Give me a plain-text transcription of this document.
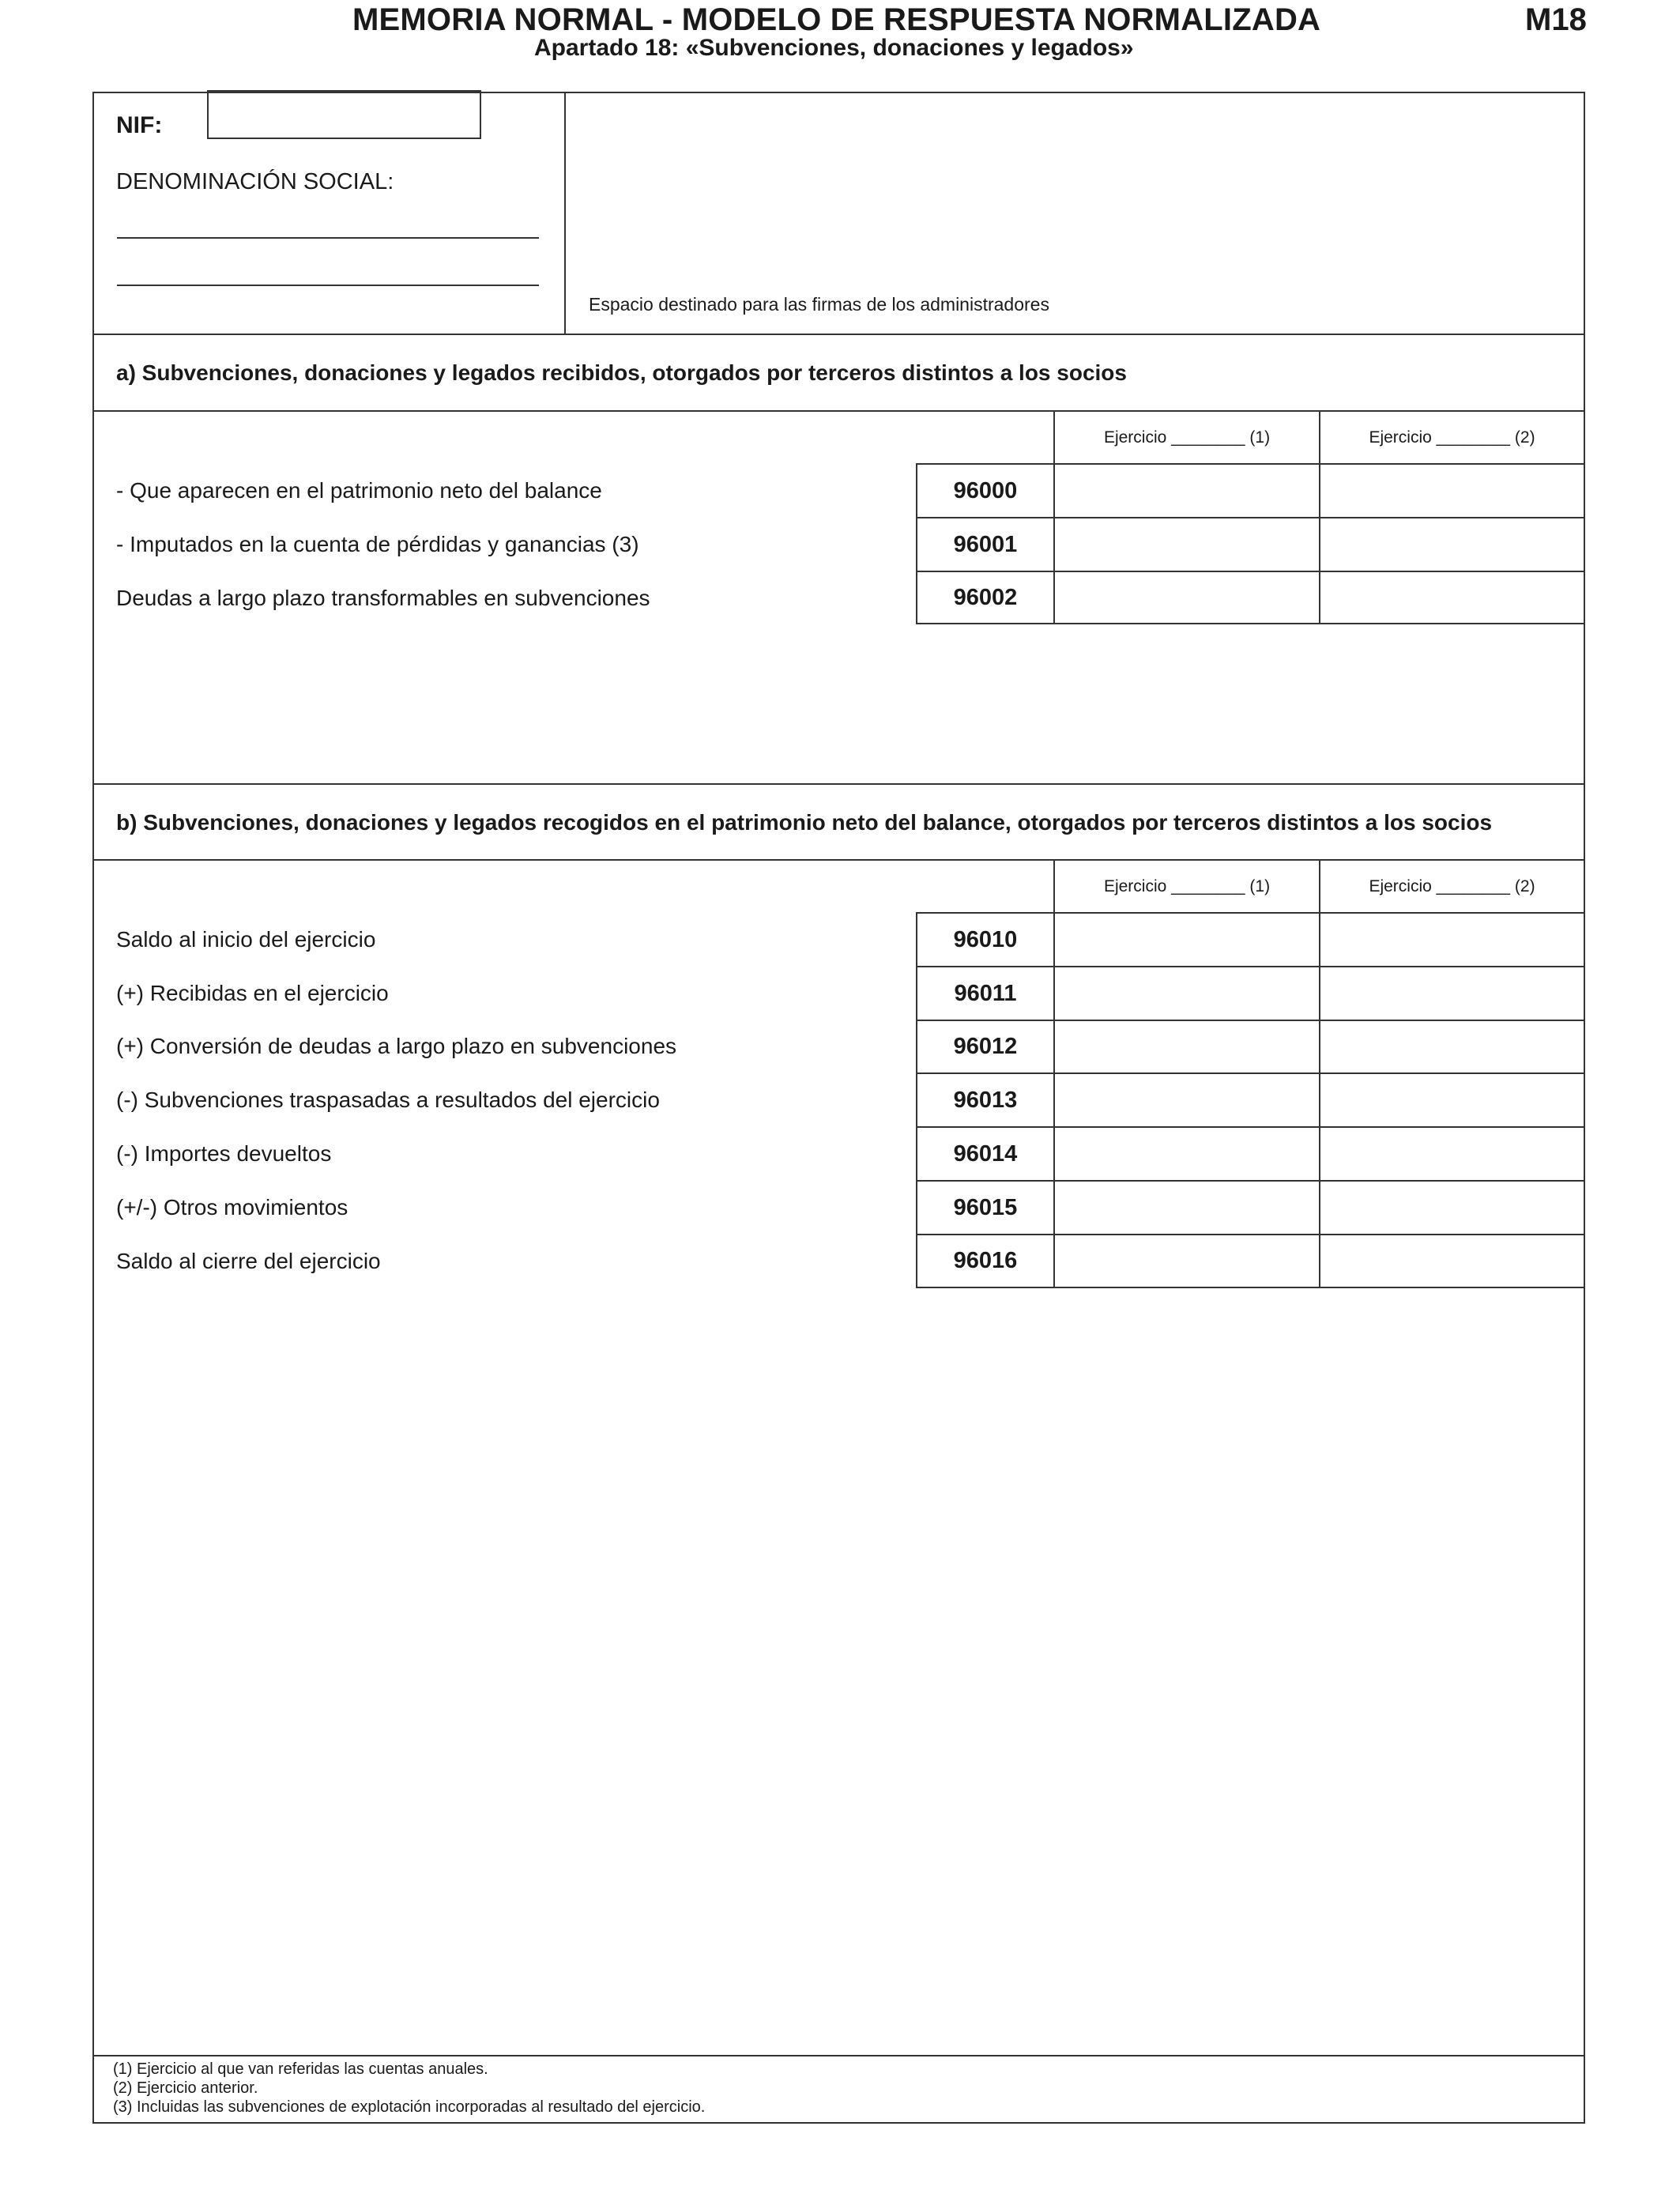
MEMORIA NORMAL - MODELO DE RESPUESTA NORMALIZADA
Apartado 18: «Subvenciones, donaciones y legados»
M18
NIF:
DENOMINACIÓN SOCIAL:
Espacio destinado para las firmas de los administradores
a) Subvenciones, donaciones y legados recibidos, otorgados por terceros distintos a los socios
Ejercicio ________ (1)	Ejercicio ________ (2)
- Que aparecen en el patrimonio neto del balance	96000
- Imputados en la cuenta de pérdidas y ganancias (3)	96001
Deudas a largo plazo transformables en subvenciones	96002
b) Subvenciones, donaciones y legados recogidos en el patrimonio neto del balance, otorgados por terceros distintos a los socios
Ejercicio ________ (1)	Ejercicio ________ (2)
Saldo al inicio del ejercicio	96010
(+) Recibidas en el ejercicio	96011
(+) Conversión de deudas a largo plazo en subvenciones	96012
(-) Subvenciones traspasadas a resultados del ejercicio	96013
(-) Importes devueltos	96014
(+/-) Otros movimientos	96015
Saldo al cierre del ejercicio	96016
(1) Ejercicio al que van referidas las cuentas anuales.
(2) Ejercicio anterior.
(3) Incluidas las subvenciones de explotación incorporadas al resultado del ejercicio.
